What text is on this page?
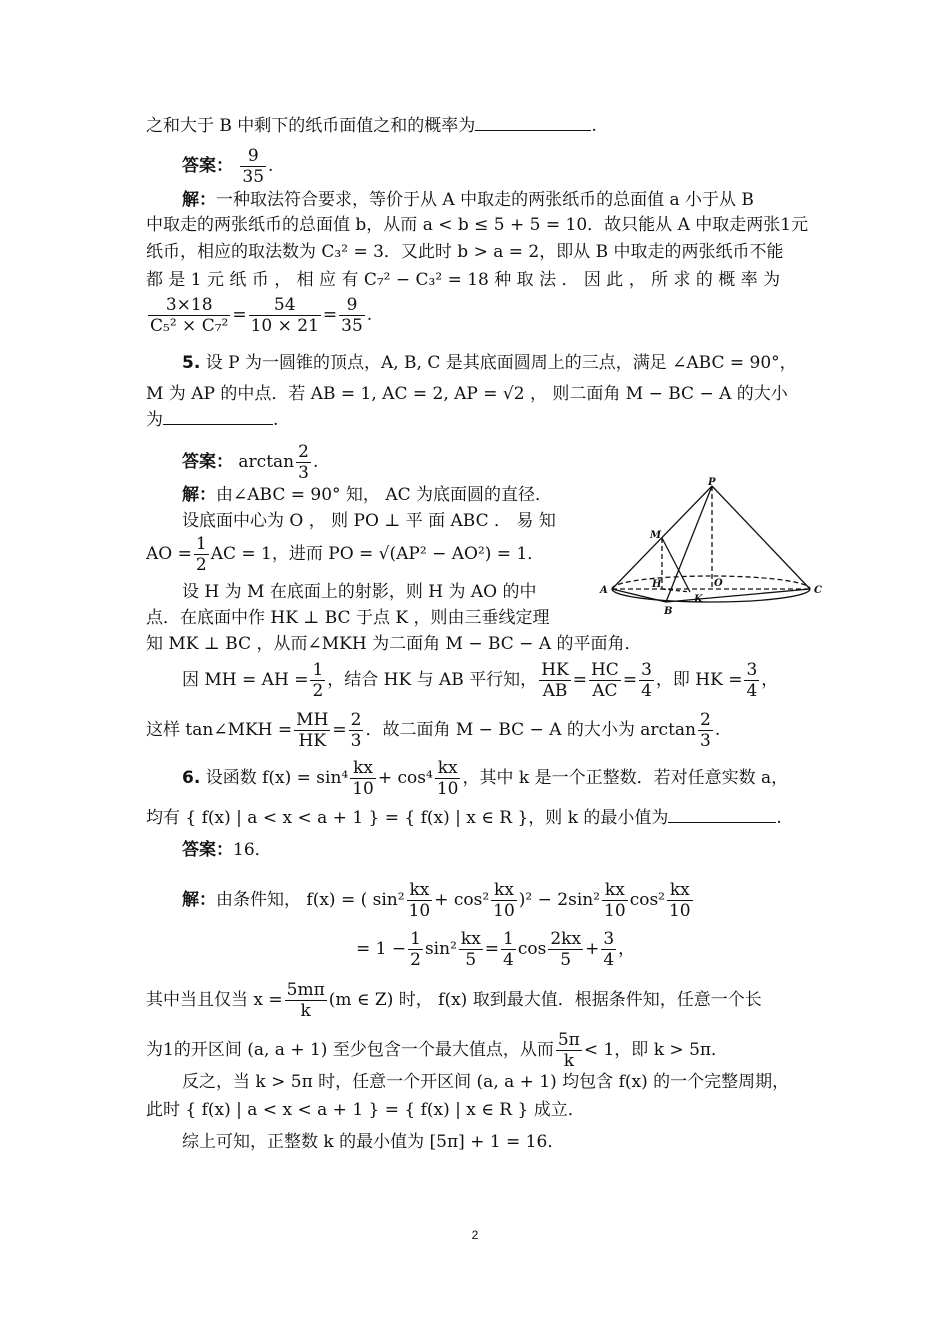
之和大于 B 中剩下的纸币面值之和的概率为	.
答案： $\frac{9}{35}$ .
解：一种取法符合要求，等价于从 A 中取走的两张纸币的总面值 a 小于从 B
中取走的两张纸币的总面值 b，从而 a < b ≤ 5 + 5 = 10．故只能从 A 中取走两张1元
纸币，相应的取法数为 C₃² = 3．又此时 b > a = 2，即从 B 中取走的两张纸币不能
都 是 1 元 纸 币 ， 相 应 有 C₇² − C₃² = 18 种 取 法 ． 因 此 ， 所 求 的 概 率 为
$\frac{3\times 18}{\text{C₅² × C₇²}} = \frac{54}{10 \times 21} = \frac{9}{35}$ .
5. 设 P 为一圆锥的顶点，A, B, C 是其底面圆周上的三点，满足 ∠ABC = 90°，
M 为 AP 的中点．若 AB = 1, AC = 2, AP = √2 ， 则二面角 M − BC − A 的大小
为	.
答案： $\arctan \frac{2}{3}$ .
解：由∠ABC = 90° 知， AC 为底面圆的直径．
设底面中心为 O ， 则 PO ⊥ 平 面 ABC ． 易 知
AO = $\frac{1}{2}$ AC = 1，进而 PO = √(AP² − AO²) = 1．
设 H 为 M 在底面上的射影，则 H 为 AO 的中
点．在底面中作 HK ⊥ BC 于点 K ，则由三垂线定理
知 MK ⊥ BC ，从而∠MKH 为二面角 M − BC − A 的平面角．
因 MH = AH = $\frac{1}{2}$ ，结合 HK 与 AB 平行知， $\frac{HK}{AB} = \frac{HC}{AC} = \frac{3}{4}$ ，即 HK = $\frac{3}{4}$ ，
这样 tan∠MKH = $\frac{MH}{HK} = \frac{2}{3}$ ．故二面角 M − BC − A 的大小为 $\arctan \frac{2}{3}$ .
6. 设函数 $f(x) = \sin^4 \frac{kx}{10} + \cos^4 \frac{kx}{10}$ ，其中 k 是一个正整数．若对任意实数 a，
均有 { f(x) | a < x < a + 1 } = { f(x) | x ∈ R }，则 k 的最小值为	.
答案：16．
解：由条件知， f(x) = ( $\sin^2 \frac{kx}{10} + \cos^2 \frac{kx}{10} )^2 - 2\sin^2 \frac{kx}{10} \cos^2 \frac{kx}{10}$
= $1 - \frac{1}{2} \sin^2 \frac{kx}{5} = \frac{1}{4}$ $\cos \frac{2kx}{5} + \frac{3}{4}$ ，
其中当且仅当 $x = \frac{5m\pi}{k} (m$ ∈ Z) 时， f(x) 取到最大值．根据条件知，任意一个长
为1的开区间 (a, a + 1) 至少包含一个最大值点，从而 $\frac{5\pi}{k} < 1$，即 k > 5π．
反之，当 k > 5π 时，任意一个开区间 (a, a + 1) 均包含 f(x) 的一个完整周期，
此时 { f(x) | a < x < a + 1 } = { f(x) | x ∈ R } 成立．
综上可知，正整数 k 的最小值为 [5π] + 1 = 16．
P
M
A
H	O
K
B
C
2
